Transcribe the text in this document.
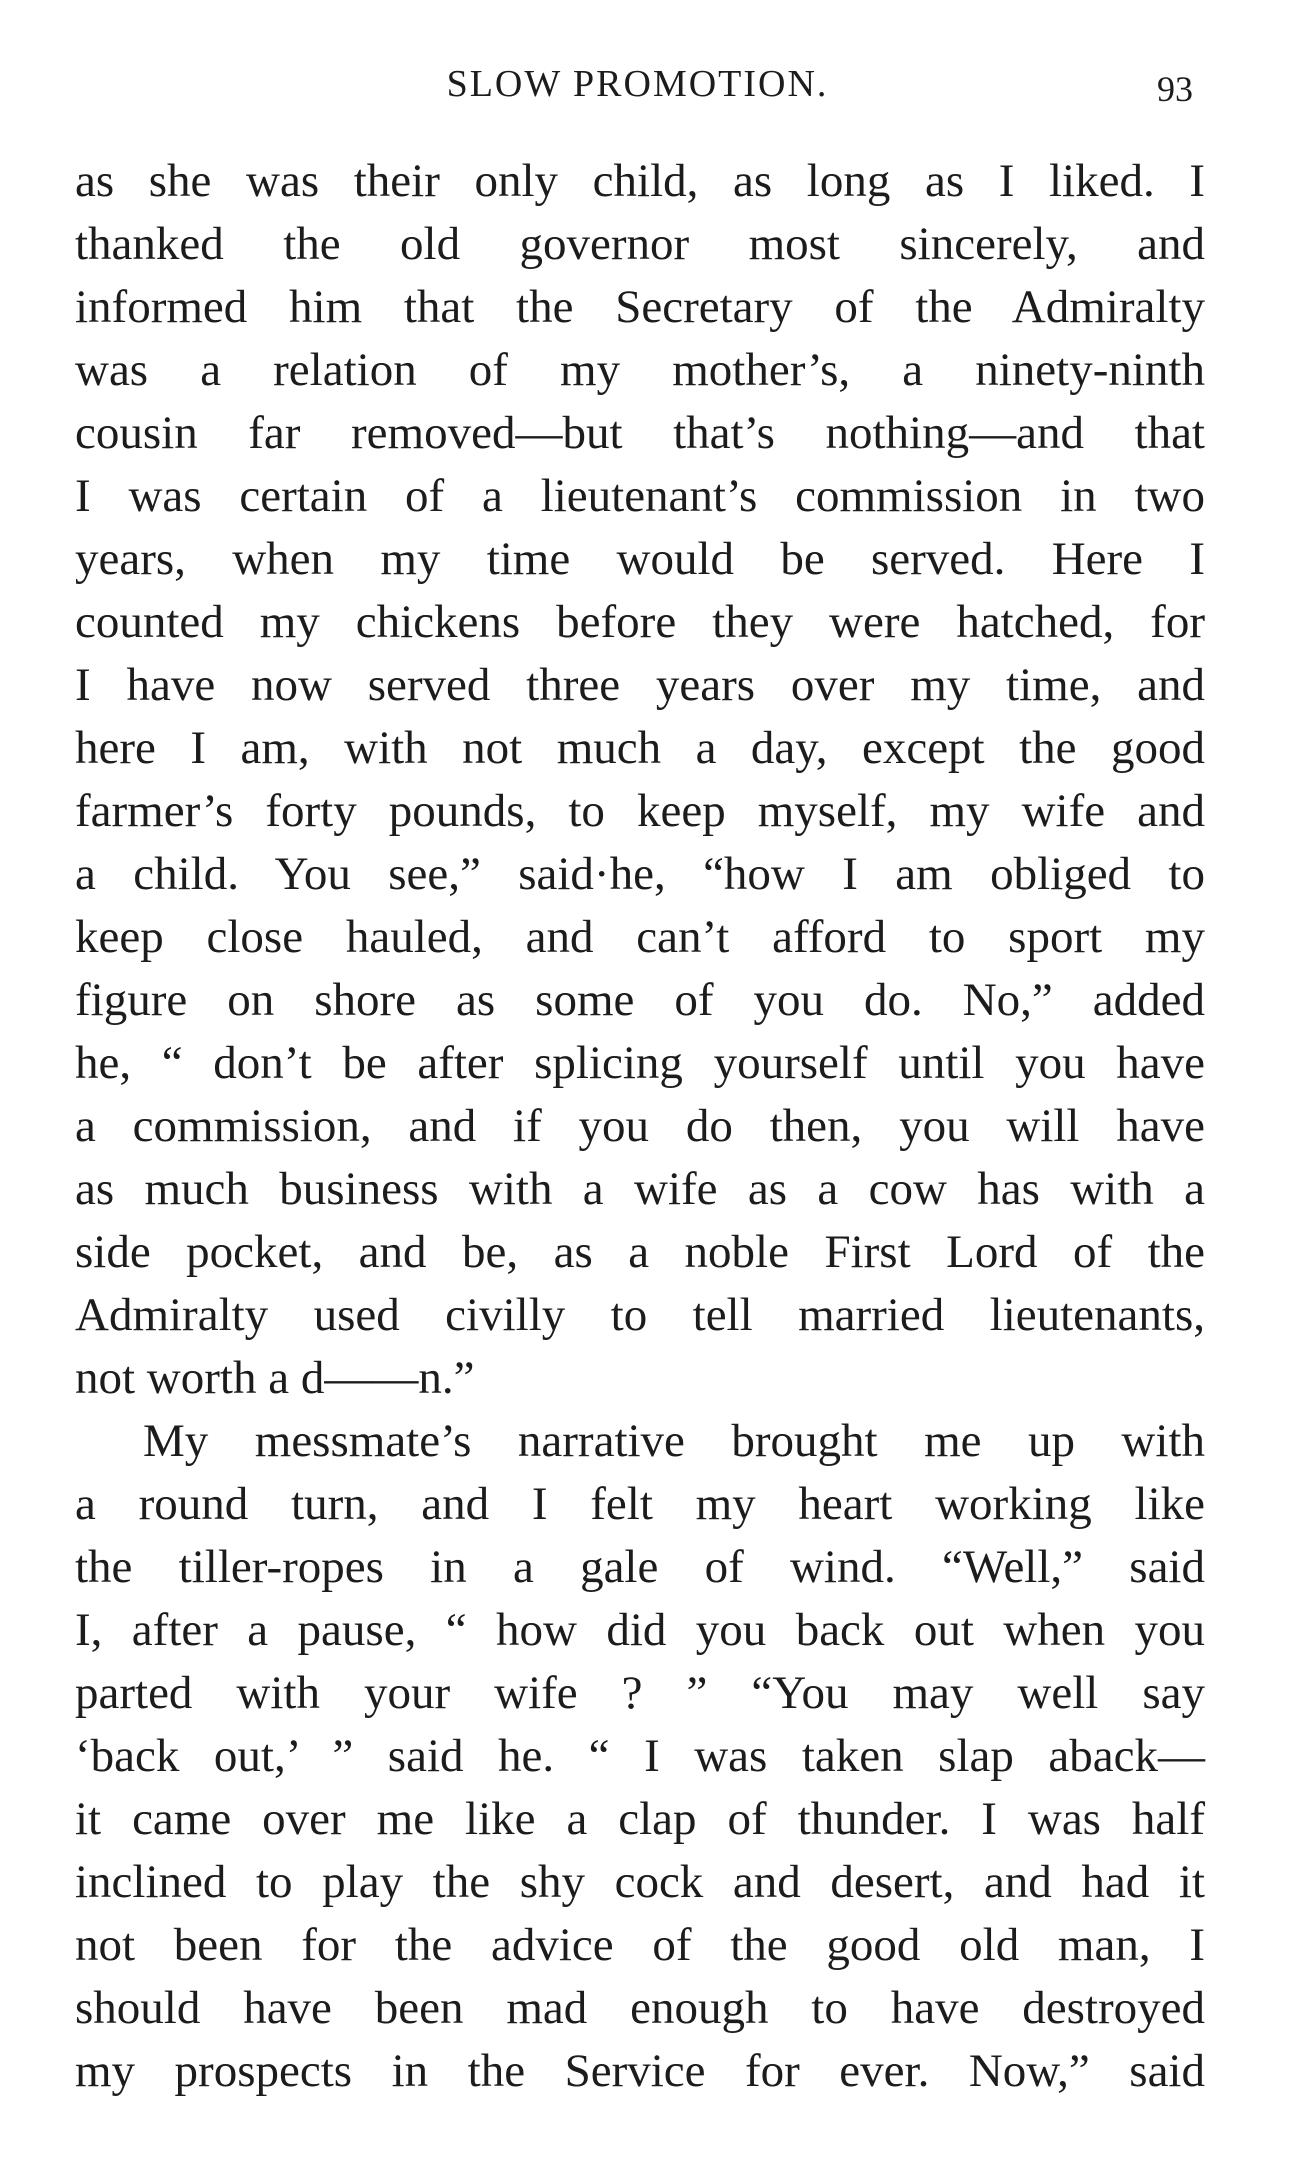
SLOW PROMOTION.	93
as she was their only child, as long as I liked. I
thanked the old governor most sincerely, and
informed him that the Secretary of the Admiralty
was a relation of my mother’s, a ninety-ninth
cousin far removed—but that’s nothing—and that
I was certain of a lieutenant’s commission in two
years, when my time would be served. Here I
counted my chickens before they were hatched, for
I have now served three years over my time, and
here I am, with not much a day, except the good
farmer’s forty pounds, to keep myself, my wife and
a child. You see,” said·he, “how I am obliged to
keep close hauled, and can’t afford to sport my
figure on shore as some of you do. No,” added
he, “ don’t be after splicing yourself until you have
a commission, and if you do then, you will have
as much business with a wife as a cow has with a
side pocket, and be, as a noble First Lord of the
Admiralty used civilly to tell married lieutenants,
not worth a d——n.”
My messmate’s narrative brought me up with
a round turn, and I felt my heart working like
the tiller-ropes in a gale of wind. “Well,” said
I, after a pause, “ how did you back out when you
parted with your wife ? ” “You may well say
‘back out,’ ” said he. “ I was taken slap aback—
it came over me like a clap of thunder. I was half
inclined to play the shy cock and desert, and had it
not been for the advice of the good old man, I
should have been mad enough to have destroyed
my prospects in the Service for ever. Now,” said
